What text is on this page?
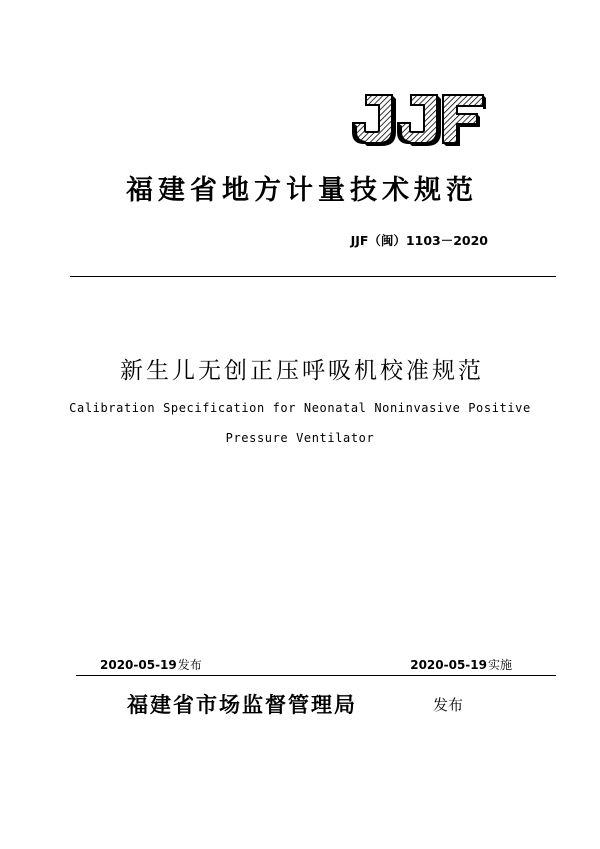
福建省地方计量技术规范
JJF（闽）1103－2020
新生儿无创正压呼吸机校准规范
Calibration Specification for Neonatal Noninvasive Positive
Pressure Ventilator
2020-05-19发布	2020-05-19实施
福建省市场监督管理局	发布
